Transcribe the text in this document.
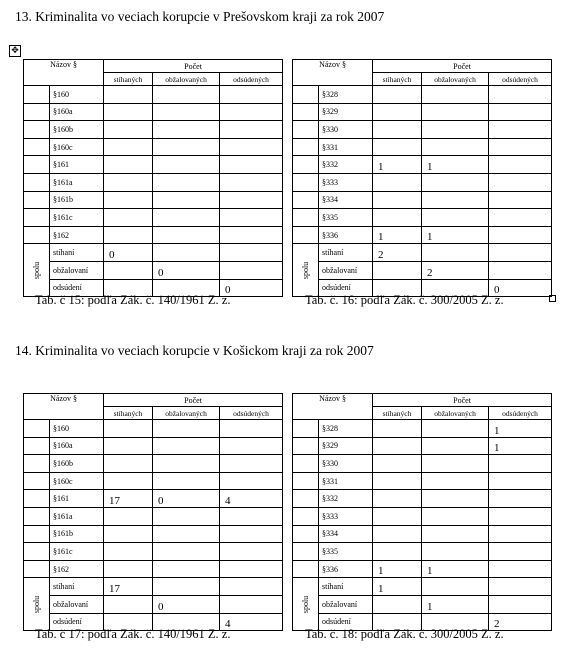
13. Kriminalita vo veciach korupcie v Prešovskom kraji za rok 2007
✥
14. Kriminalita vo veciach korupcie v Košickom kraji za rok 2007
Názov §		Počet		
		stíhaných	obžalovaných	odsúdených
	§160			
	§160a			
	§160b			
	§160c			
	§161			
	§161a			
	§161b			
	§161c			
	§162			
spolu	stíhaní	0		
	obžalovaní		0	
	odsúdení			0
Tab. č 15: podľa Zák. č. 140/1961 Z. z.
Názov §		Počet		
		stíhaných	obžalovaných	odsúdených
	§328			
	§329			
	§330			
	§331			
	§332	1	1	
	§333			
	§334			
	§335			
	§336	1	1	
spolu	stíhaní	2		
	obžalovaní		2	
	odsúdení			0
Tab. č. 16: podľa Zák. č. 300/2005 Z. z.
Názov §		Počet		
		stíhaných	obžalovaných	odsúdených
	§160			
	§160a			
	§160b			
	§160c			
	§161	17	0	4
	§161a			
	§161b			
	§161c			
	§162			
spolu	stíhaní	17		
	obžalovaní		0	
	odsúdení			4
Tab. č 17: podľa Zák. č. 140/1961 Z. z.
Názov §		Počet		
		stíhaných	obžalovaných	odsúdených
	§328			1
	§329			1
	§330			
	§331			
	§332			
	§333			
	§334			
	§335			
	§336	1	1	
spolu	stíhaní	1		
	obžalovaní		1	
	odsúdení			2
Tab. č. 18: podľa Zák. č. 300/2005 Z. z.
